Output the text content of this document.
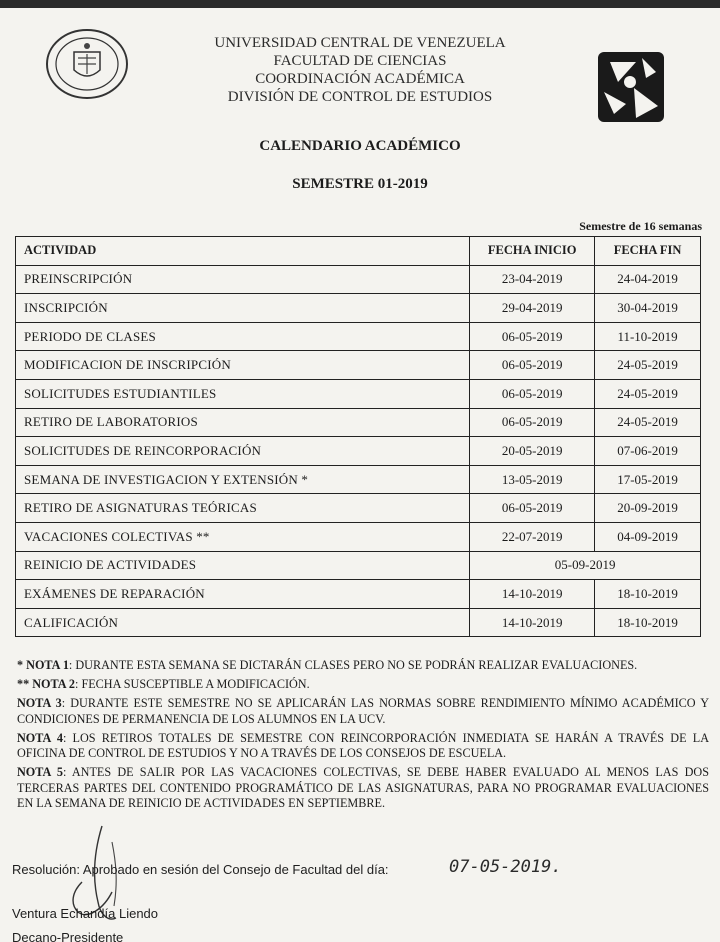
UNIVERSIDAD CENTRAL DE VENEZUELA
FACULTAD DE CIENCIAS
COORDINACIÓN ACADÉMICA
DIVISIÓN DE CONTROL DE ESTUDIOS
CALENDARIO ACADÉMICO
SEMESTRE 01-2019
Semestre de 16 semanas
ACTIVIDAD	FECHA INICIO	FECHA FIN
PREINSCRIPCIÓN	23-04-2019	24-04-2019
INSCRIPCIÓN	29-04-2019	30-04-2019
PERIODO DE CLASES	06-05-2019	11-10-2019
MODIFICACION DE INSCRIPCIÓN	06-05-2019	24-05-2019
SOLICITUDES ESTUDIANTILES	06-05-2019	24-05-2019
RETIRO DE LABORATORIOS	06-05-2019	24-05-2019
SOLICITUDES DE REINCORPORACIÓN	20-05-2019	07-06-2019
SEMANA DE INVESTIGACION Y EXTENSIÓN *	13-05-2019	17-05-2019
RETIRO DE ASIGNATURAS TEÓRICAS	06-05-2019	20-09-2019
VACACIONES COLECTIVAS **	22-07-2019	04-09-2019
REINICIO DE ACTIVIDADES	05-09-2019	
EXÁMENES DE REPARACIÓN	14-10-2019	18-10-2019
CALIFICACIÓN	14-10-2019	18-10-2019
* NOTA 1: DURANTE ESTA SEMANA SE DICTARÁN CLASES PERO NO SE PODRÁN REALIZAR EVALUACIONES.
** NOTA 2: FECHA SUSCEPTIBLE A MODIFICACIÓN.
NOTA 3: DURANTE ESTE SEMESTRE NO SE APLICARÁN LAS NORMAS SOBRE RENDIMIENTO MÍNIMO ACADÉMICO Y CONDICIONES DE PERMANENCIA DE LOS ALUMNOS EN LA UCV.
NOTA 4: LOS RETIROS TOTALES DE SEMESTRE CON REINCORPORACIÓN INMEDIATA SE HARÁN A TRAVÉS DE LA OFICINA DE CONTROL DE ESTUDIOS Y NO A TRAVÉS DE LOS CONSEJOS DE ESCUELA.
NOTA 5: ANTES DE SALIR POR LAS VACACIONES COLECTIVAS, SE DEBE HABER EVALUADO AL MENOS LAS DOS TERCERAS PARTES DEL CONTENIDO PROGRAMÁTICO DE LAS ASIGNATURAS, PARA NO PROGRAMAR EVALUACIONES EN LA SEMANA DE REINICIO DE ACTIVIDADES EN SEPTIEMBRE.
Resolución: Aprobado en sesión del Consejo de Facultad del día:	07-05-2019.
Ventura Echandía Liendo
Decano-Presidente
